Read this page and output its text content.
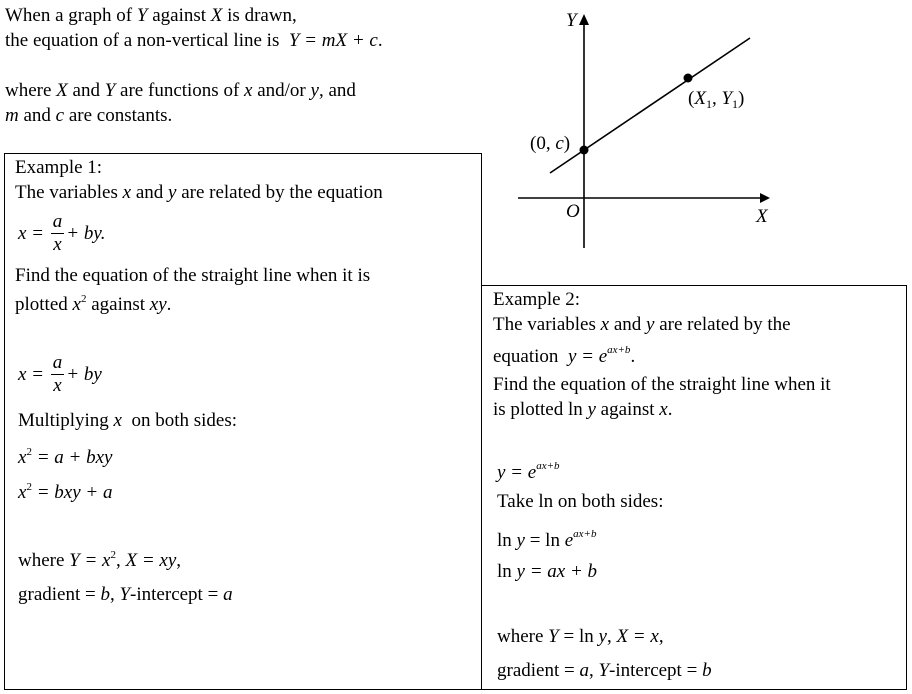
When a graph of Y against X is drawn,
the equation of a non-vertical line is  Y = mX + c.
where X and Y are functions of x and/or y, and
m and c are constants.
Y
X
O
(0, c)
($X_1$, $Y_1$)
Example 1:
The variables x and y are related by the equation
$x = \frac{a}{x}$ + by.
Find the equation of the straight line when it is
plotted $x^2$ against xy.
$x = \frac{a}{x}$ + by
Multiplying x  on both sides:
$x^2 = a$ + bxy
$x^2$ = bxy + a
where $Y = x^2$, X = xy,
gradient = b, Y-intercept = a
Example 2:
The variables x and y are related by the
equation  $y = e^{ax+b}$.
Find the equation of the straight line when it
is plotted ln y against x.
$y = e^{ax+b}$
Take ln on both sides:
$\ln y = \ln e^{ax+b}$
ln y = ax + b
where Y = ln y, X = x,
gradient = a, Y-intercept = b
